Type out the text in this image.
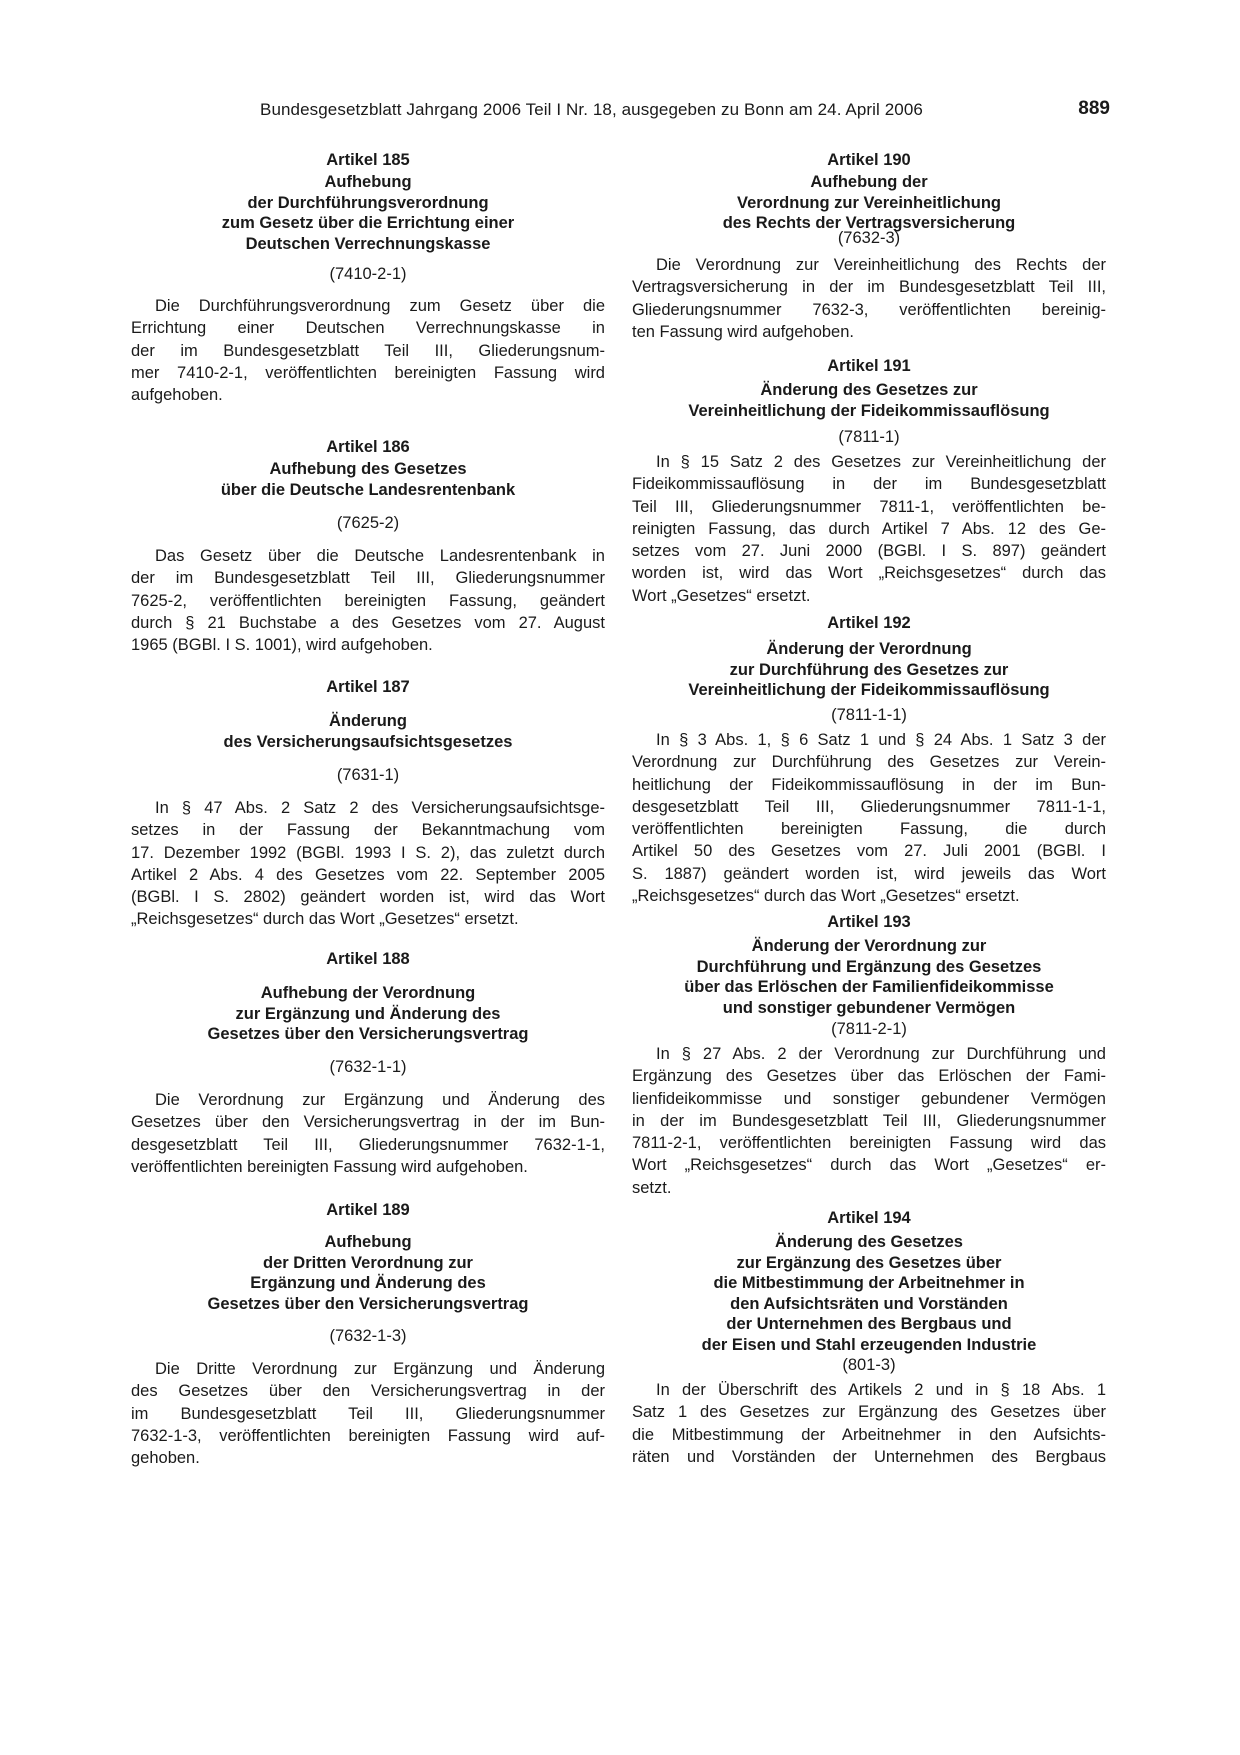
Bundesgesetzblatt Jahrgang 2006 Teil I Nr. 18, ausgegeben zu Bonn am 24. April 2006	889
Artikel 185
Aufhebung
der Durchführungsverordnung
zum Gesetz über die Errichtung einer
Deutschen Verrechnungskasse
(7410-2-1)
Die Durchführungsverordnung zum Gesetz über die
Errichtung einer Deutschen Verrechnungskasse in
der im Bundesgesetzblatt Teil III, Gliederungsnum-
mer 7410-2-1, veröffentlichten bereinigten Fassung wird
aufgehoben.
Artikel 186
Aufhebung des Gesetzes
über die Deutsche Landesrentenbank
(7625-2)
Das Gesetz über die Deutsche Landesrentenbank in
der im Bundesgesetzblatt Teil III, Gliederungsnummer
7625-2, veröffentlichten bereinigten Fassung, geändert
durch § 21 Buchstabe a des Gesetzes vom 27. August
1965 (BGBl. I S. 1001), wird aufgehoben.
Artikel 187
Änderung
des Versicherungsaufsichtsgesetzes
(7631-1)
In § 47 Abs. 2 Satz 2 des Versicherungsaufsichtsge-
setzes in der Fassung der Bekanntmachung vom
17. Dezember 1992 (BGBl. 1993 I S. 2), das zuletzt durch
Artikel 2 Abs. 4 des Gesetzes vom 22. September 2005
(BGBl. I S. 2802) geändert worden ist, wird das Wort
„Reichsgesetzes“ durch das Wort „Gesetzes“ ersetzt.
Artikel 188
Aufhebung der Verordnung
zur Ergänzung und Änderung des
Gesetzes über den Versicherungsvertrag
(7632-1-1)
Die Verordnung zur Ergänzung und Änderung des
Gesetzes über den Versicherungsvertrag in der im Bun-
desgesetzblatt Teil III, Gliederungsnummer 7632-1-1,
veröffentlichten bereinigten Fassung wird aufgehoben.
Artikel 189
Aufhebung
der Dritten Verordnung zur
Ergänzung und Änderung des
Gesetzes über den Versicherungsvertrag
(7632-1-3)
Die Dritte Verordnung zur Ergänzung und Änderung
des Gesetzes über den Versicherungsvertrag in der
im Bundesgesetzblatt Teil III, Gliederungsnummer
7632-1-3, veröffentlichten bereinigten Fassung wird auf-
gehoben.
Artikel 190
Aufhebung der
Verordnung zur Vereinheitlichung
des Rechts der Vertragsversicherung
(7632-3)
Die Verordnung zur Vereinheitlichung des Rechts der
Vertragsversicherung in der im Bundesgesetzblatt Teil III,
Gliederungsnummer 7632-3, veröffentlichten bereinig-
ten Fassung wird aufgehoben.
Artikel 191
Änderung des Gesetzes zur
Vereinheitlichung der Fideikommissauflösung
(7811-1)
In § 15 Satz 2 des Gesetzes zur Vereinheitlichung der
Fideikommissauflösung in der im Bundesgesetzblatt
Teil III, Gliederungsnummer 7811-1, veröffentlichten be-
reinigten Fassung, das durch Artikel 7 Abs. 12 des Ge-
setzes vom 27. Juni 2000 (BGBl. I S. 897) geändert
worden ist, wird das Wort „Reichsgesetzes“ durch das
Wort „Gesetzes“ ersetzt.
Artikel 192
Änderung der Verordnung
zur Durchführung des Gesetzes zur
Vereinheitlichung der Fideikommissauflösung
(7811-1-1)
In § 3 Abs. 1, § 6 Satz 1 und § 24 Abs. 1 Satz 3 der
Verordnung zur Durchführung des Gesetzes zur Verein-
heitlichung der Fideikommissauflösung in der im Bun-
desgesetzblatt Teil III, Gliederungsnummer 7811-1-1,
veröffentlichten bereinigten Fassung, die durch
Artikel 50 des Gesetzes vom 27. Juli 2001 (BGBl. I
S. 1887) geändert worden ist, wird jeweils das Wort
„Reichsgesetzes“ durch das Wort „Gesetzes“ ersetzt.
Artikel 193
Änderung der Verordnung zur
Durchführung und Ergänzung des Gesetzes
über das Erlöschen der Familienfideikommisse
und sonstiger gebundener Vermögen
(7811-2-1)
In § 27 Abs. 2 der Verordnung zur Durchführung und
Ergänzung des Gesetzes über das Erlöschen der Fami-
lienfideikommisse und sonstiger gebundener Vermögen
in der im Bundesgesetzblatt Teil III, Gliederungsnummer
7811-2-1, veröffentlichten bereinigten Fassung wird das
Wort „Reichsgesetzes“ durch das Wort „Gesetzes“ er-
setzt.
Artikel 194
Änderung des Gesetzes
zur Ergänzung des Gesetzes über
die Mitbestimmung der Arbeitnehmer in
den Aufsichtsräten und Vorständen
der Unternehmen des Bergbaus und
der Eisen und Stahl erzeugenden Industrie
(801-3)
In der Überschrift des Artikels 2 und in § 18 Abs. 1
Satz 1 des Gesetzes zur Ergänzung des Gesetzes über
die Mitbestimmung der Arbeitnehmer in den Aufsichts-
räten und Vorständen der Unternehmen des Bergbaus
